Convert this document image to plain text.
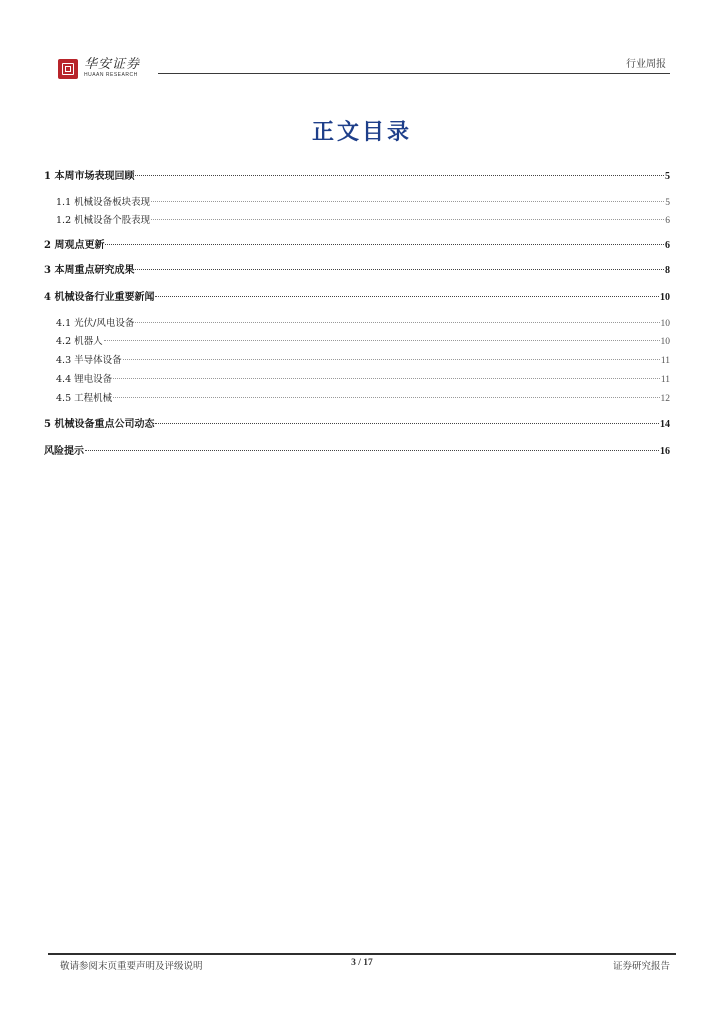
华安证券
HUAAN RESEARCH
行业周报
正文目录
1 本周市场表现回顾	5
1.1 机械设备板块表现	5
1.2 机械设备个股表现	6
2 周观点更新	6
3 本周重点研究成果	8
4 机械设备行业重要新闻	10
4.1 光伏/风电设备	10
4.2 机器人	10
4.3 半导体设备	11
4.4 锂电设备	11
4.5 工程机械	12
5 机械设备重点公司动态	14
风险提示	16
敬请参阅末页重要声明及评级说明	3 / 17	证券研究报告
